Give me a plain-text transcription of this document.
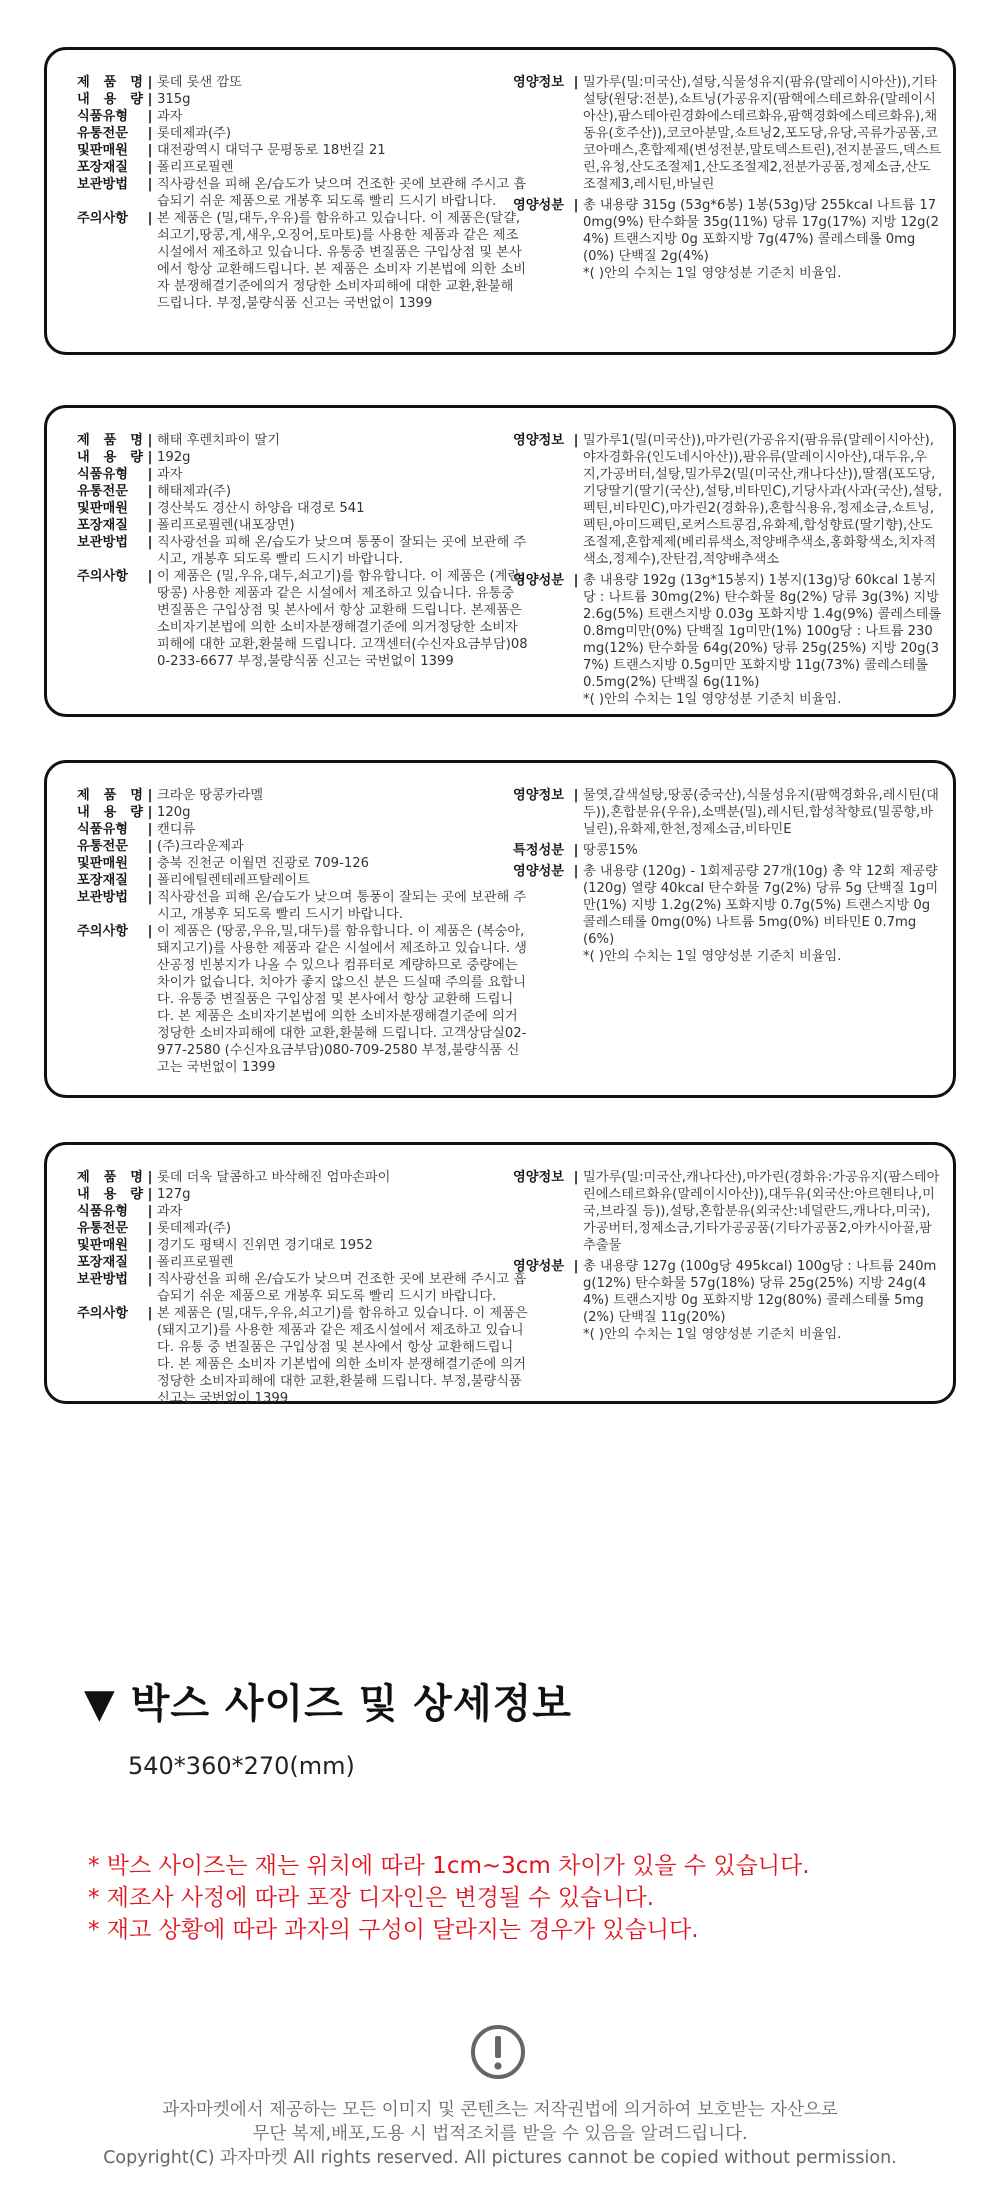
제 품 명 | 롯데 롯샌 깜또
내 용 량 | 315g
식품유형	| 과자
유통전문	| 롯데제과(주)
및판매원	| 대전광역시 대덕구 문평동로 18번길 21
포장재질	| 폴리프로필렌
보관방법	| 직사광선을 피해 온/습도가 낮으며 건조한 곳에 보관해 주시고 흡습되기 쉬운 제품으로 개봉후 되도록 빨리 드시기 바랍니다.
주의사항	| 본 제품은 (밀,대두,우유)를 함유하고 있습니다. 이 제품은(달걀,쇠고기,땅콩,게,새우,오징어,토마토)를 사용한 제품과 같은 제조시설에서 제조하고 있습니다. 유통중 변질품은 구입상점 및 본사에서 항상 교환해드립니다. 본 제품은 소비자 기본법에 의한 소비자 분쟁해결기준에의거 정당한 소비자피해에 대한 교환,환불해 드립니다. 부정,불량식품 신고는 국번없이 1399
영양정보 | 밀가루(밀:미국산),설탕,식물성유지(팜유(말레이시아산)),기타설탕(원당:전분),쇼트닝(가공유지(팜핵에스테르화유(말레이시아산),팜스테아린경화에스테르화유,팜핵경화에스테르화유),채동유(호주산)),코코아분말,쇼트닝2,포도당,유당,곡류가공품,코코아매스,혼합제제(변성전분,말토덱스트린),전지분골드,덱스트린,유청,산도조절제1,산도조절제2,전분가공품,정제소금,산도조절제3,레시틴,바닐린
영양성분 | 총 내용량 315g (53g*6봉) 1봉(53g)당 255kcal 나트륨 170mg(9%) 탄수화물 35g(11%) 당류 17g(17%) 지방 12g(24%) 트랜스지방 0g 포화지방 7g(47%) 콜레스테롤 0mg(0%) 단백질 2g(4%)
*( )안의 수치는 1일 영양성분 기준치 비율임.
제 품 명 | 해태 후렌치파이 딸기
내 용 량 | 192g
식품유형	| 과자
유통전문	| 해태제과(주)
및판매원	| 경산북도 경산시 하양읍 대경로 541
포장재질	| 폴리프로필렌(내포장면)
보관방법	| 직사광선을 피해 온/습도가 낮으며 통풍이 잘되는 곳에 보관해 주시고, 개봉후 되도록 빨리 드시기 바랍니다.
주의사항	| 이 제품은 (밀,우유,대두,쇠고기)를 함유합니다. 이 제품은 (계란,땅콩) 사용한 제품과 같은 시설에서 제조하고 있습니다. 유통중 변질품은 구입상점 및 본사에서 항상 교환해 드립니다. 본제품은 소비자기본법에 의한 소비자분쟁해결기준에 의거정당한 소비자피해에 대한 교환,환불해 드립니다. 고객센터(수신자요금부담)080-233-6677 부정,불량식품 신고는 국번없이 1399
영양정보 | 밀가루1(밀(미국산)),마가린(가공유지(팜유류(말레이시아산),야자경화유(인도네시아산)),팜유류(말레이시아산),대두유,우지,가공버터,설탕,밀가루2(밀(미국산,캐나다산)),딸잼(포도당,기당딸기(딸기(국산),설탕,비타민C),기당사과(사과(국산),설탕,펙틴,비타민C),마가린2(경화유),혼합식용유,정제소금,쇼트닝,펙틴,아미드펙틴,로커스트콩검,유화제,합성향료(딸기향),산도조절제,혼합제제(베리류색소,적양배추색소,홍화황색소,치자적색소,정제수),잔탄검,적양배추색소
영양성분 | 총 내용량 192g (13g*15봉지) 1봉지(13g)당 60kcal 1봉지당 : 나트륨 30mg(2%) 탄수화물 8g(2%) 당류 3g(3%) 지방 2.6g(5%) 트랜스지방 0.03g 포화지방 1.4g(9%) 콜레스테롤 0.8mg미만(0%) 단백질 1g미만(1%) 100g당 : 나트륨 230mg(12%) 탄수화물 64g(20%) 당류 25g(25%) 지방 20g(37%) 트랜스지방 0.5g미만 포화지방 11g(73%) 콜레스테롤 0.5mg(2%) 단백질 6g(11%)
*( )안의 수치는 1일 영양성분 기준치 비율임.
제 품 명 | 크라운 땅콩카라멜
내 용 량 | 120g
식품유형	| 캔디류
유통전문	| (주)크라운제과
및판매원	| 충북 진천군 이월면 진광로 709-126
포장재질	| 폴리에틸렌테레프탈레이트
보관방법	| 직사광선을 피해 온/습도가 낮으며 통풍이 잘되는 곳에 보관해 주시고, 개봉후 되도록 빨리 드시기 바랍니다.
주의사항	| 이 제품은 (땅콩,우유,밀,대두)를 함유합니다. 이 제품은 (복숭아,돼지고기)를 사용한 제품과 같은 시설에서 제조하고 있습니다. 생산공정 빈봉지가 나올 수 있으나 컴퓨터로 계량하므로 중량에는 차이가 없습니다. 치아가 좋지 않으신 분은 드실때 주의를 요합니다. 유통중 변질품은 구입상점 및 본사에서 항상 교환해 드립니다. 본 제품은 소비자기본법에 의한 소비자분쟁해결기준에 의거 정당한 소비자피해에 대한 교환,환불해 드립니다. 고객상담실02-977-2580 (수신자요금부담)080-709-2580 부정,불량식품 신고는 국번없이 1399
영양정보 | 물엿,갈색설탕,땅콩(중국산),식물성유지(팜핵경화유,레시틴(대두)),혼합분유(우유),소맥분(밀),레시틴,합성착향료(밀콩향,바닐린),유화제,한천,정제소금,비타민E
특정성분 | 땅콩15%
영양성분 | 총 내용량 (120g) - 1회제공량 27개(10g) 총 약 12회 제공량 (120g) 열량 40kcal 탄수화물 7g(2%) 당류 5g 단백질 1g미만(1%) 지방 1.2g(2%) 포화지방 0.7g(5%) 트랜스지방 0g 콜레스테롤 0mg(0%) 나트륨 5mg(0%) 비타민E 0.7mg(6%)
*( )안의 수치는 1일 영양성분 기준치 비율임.
제 품 명 | 롯데 더욱 달콤하고 바삭해진 엄마손파이
내 용 량 | 127g
식품유형	| 과자
유통전문	| 롯데제과(주)
및판매원	| 경기도 평택시 진위면 경기대로 1952
포장재질	| 폴리프로필렌
보관방법	| 직사광선을 피해 온/습도가 낮으며 건조한 곳에 보관해 주시고 흡습되기 쉬운 제품으로 개봉후 되도록 빨리 드시기 바랍니다.
주의사항	| 본 제품은 (밀,대두,우유,쇠고기)를 함유하고 있습니다. 이 제품은 (돼지고기)를 사용한 제품과 같은 제조시설에서 제조하고 있습니다. 유통 중 변질품은 구입상점 및 본사에서 항상 교환해드립니다. 본 제품은 소비자 기본법에 의한 소비자 분쟁해결기준에 의거 정당한 소비자피해에 대한 교환,환불해 드립니다. 부정,불량식품신고는 국번없이 1399
영양정보 | 밀가루(밀:미국산,캐나다산),마가린(경화유:가공유지(팜스테아린에스테르화유(말레이시아산)),대두유(외국산:아르헨티나,미국,브라질 등)),설탕,혼합분유(외국산:네덜란드,캐나다,미국),가공버터,정제소금,기타가공공품(기타가공품2,아카시아꿀,팜추출물
영양성분 | 총 내용량 127g (100g당 495kcal) 100g당 : 나트륨 240mg(12%) 탄수화물 57g(18%) 당류 25g(25%) 지방 24g(44%) 트랜스지방 0g 포화지방 12g(80%) 콜레스테롤 5mg(2%) 단백질 11g(20%)
*( )안의 수치는 1일 영양성분 기준치 비율임.
▼ 박스 사이즈 및 상세정보
540*360*270(mm)
* 박스 사이즈는 재는 위치에 따라 1cm~3cm 차이가 있을 수 있습니다.
* 제조사 사정에 따라 포장 디자인은 변경될 수 있습니다.
* 재고 상황에 따라 과자의 구성이 달라지는 경우가 있습니다.
과자마켓에서 제공하는 모든 이미지 및 콘텐츠는 저작권법에 의거하여 보호받는 자산으로
무단 복제,배포,도용 시 법적조치를 받을 수 있음을 알려드립니다.
Copyright(C) 과자마켓 All rights reserved. All pictures cannot be copied without permission.
